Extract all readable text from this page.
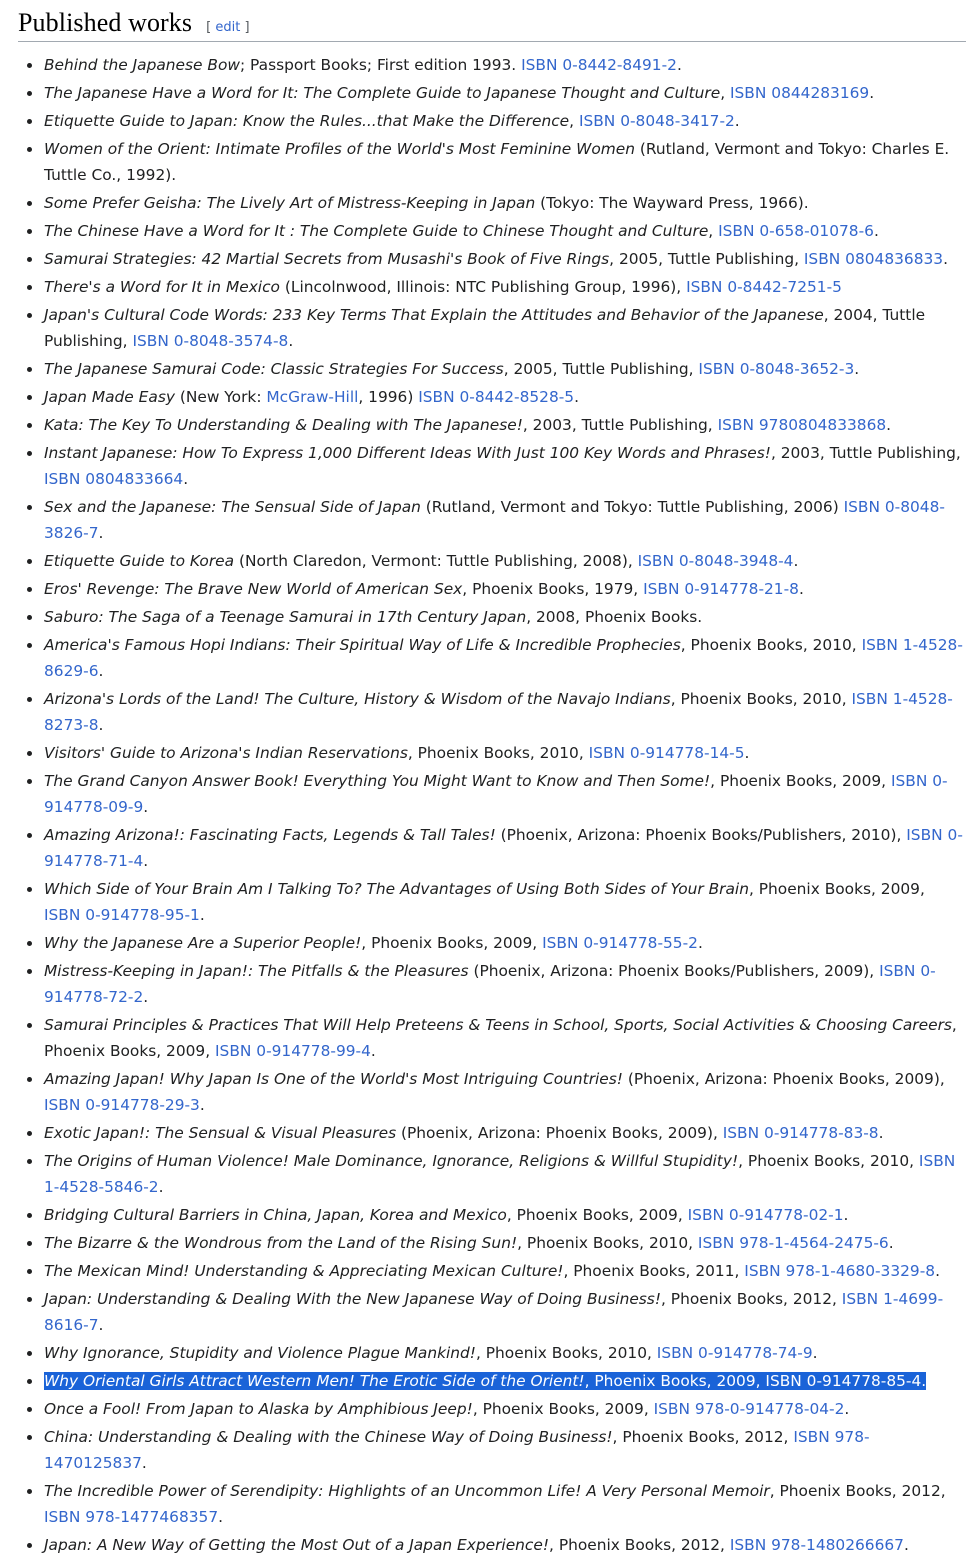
Published works [ edit ]
Behind the Japanese Bow; Passport Books; First edition 1993. ISBN 0-8442-8491-2.
The Japanese Have a Word for It: The Complete Guide to Japanese Thought and Culture, ISBN 0844283169.
Etiquette Guide to Japan: Know the Rules...that Make the Difference, ISBN 0-8048-3417-2.
Women of the Orient: Intimate Profiles of the World's Most Feminine Women (Rutland, Vermont and Tokyo: Charles E. Tuttle Co., 1992).
Some Prefer Geisha: The Lively Art of Mistress-Keeping in Japan (Tokyo: The Wayward Press, 1966).
The Chinese Have a Word for It : The Complete Guide to Chinese Thought and Culture, ISBN 0-658-01078-6.
Samurai Strategies: 42 Martial Secrets from Musashi's Book of Five Rings, 2005, Tuttle Publishing, ISBN 0804836833.
There's a Word for It in Mexico (Lincolnwood, Illinois: NTC Publishing Group, 1996), ISBN 0-8442-7251-5
Japan's Cultural Code Words: 233 Key Terms That Explain the Attitudes and Behavior of the Japanese, 2004, Tuttle Publishing, ISBN 0-8048-3574-8.
The Japanese Samurai Code: Classic Strategies For Success, 2005, Tuttle Publishing, ISBN 0-8048-3652-3.
Japan Made Easy (New York: McGraw-Hill, 1996) ISBN 0-8442-8528-5.
Kata: The Key To Understanding & Dealing with The Japanese!, 2003, Tuttle Publishing, ISBN 9780804833868.
Instant Japanese: How To Express 1,000 Different Ideas With Just 100 Key Words and Phrases!, 2003, Tuttle Publishing, ISBN 0804833664.
Sex and the Japanese: The Sensual Side of Japan (Rutland, Vermont and Tokyo: Tuttle Publishing, 2006) ISBN 0-8048-3826-7.
Etiquette Guide to Korea (North Claredon, Vermont: Tuttle Publishing, 2008), ISBN 0-8048-3948-4.
Eros' Revenge: The Brave New World of American Sex, Phoenix Books, 1979, ISBN 0-914778-21-8.
Saburo: The Saga of a Teenage Samurai in 17th Century Japan, 2008, Phoenix Books.
America's Famous Hopi Indians: Their Spiritual Way of Life & Incredible Prophecies, Phoenix Books, 2010, ISBN 1-4528-8629-6.
Arizona's Lords of the Land! The Culture, History & Wisdom of the Navajo Indians, Phoenix Books, 2010, ISBN 1-4528-8273-8.
Visitors' Guide to Arizona's Indian Reservations, Phoenix Books, 2010, ISBN 0-914778-14-5.
The Grand Canyon Answer Book! Everything You Might Want to Know and Then Some!, Phoenix Books, 2009, ISBN 0-914778-09-9.
Amazing Arizona!: Fascinating Facts, Legends & Tall Tales! (Phoenix, Arizona: Phoenix Books/Publishers, 2010), ISBN 0-914778-71-4.
Which Side of Your Brain Am I Talking To? The Advantages of Using Both Sides of Your Brain, Phoenix Books, 2009, ISBN 0-914778-95-1.
Why the Japanese Are a Superior People!, Phoenix Books, 2009, ISBN 0-914778-55-2.
Mistress-Keeping in Japan!: The Pitfalls & the Pleasures (Phoenix, Arizona: Phoenix Books/Publishers, 2009), ISBN 0-914778-72-2.
Samurai Principles & Practices That Will Help Preteens & Teens in School, Sports, Social Activities & Choosing Careers, Phoenix Books, 2009, ISBN 0-914778-99-4.
Amazing Japan! Why Japan Is One of the World's Most Intriguing Countries! (Phoenix, Arizona: Phoenix Books, 2009), ISBN 0-914778-29-3.
Exotic Japan!: The Sensual & Visual Pleasures (Phoenix, Arizona: Phoenix Books, 2009), ISBN 0-914778-83-8.
The Origins of Human Violence! Male Dominance, Ignorance, Religions & Willful Stupidity!, Phoenix Books, 2010, ISBN 1-4528-5846-2.
Bridging Cultural Barriers in China, Japan, Korea and Mexico, Phoenix Books, 2009, ISBN 0-914778-02-1.
The Bizarre & the Wondrous from the Land of the Rising Sun!, Phoenix Books, 2010, ISBN 978-1-4564-2475-6.
The Mexican Mind! Understanding & Appreciating Mexican Culture!, Phoenix Books, 2011, ISBN 978-1-4680-3329-8.
Japan: Understanding & Dealing With the New Japanese Way of Doing Business!, Phoenix Books, 2012, ISBN 1-4699-8616-7.
Why Ignorance, Stupidity and Violence Plague Mankind!, Phoenix Books, 2010, ISBN 0-914778-74-9.
Why Oriental Girls Attract Western Men! The Erotic Side of the Orient!, Phoenix Books, 2009, ISBN 0-914778-85-4.
Once a Fool! From Japan to Alaska by Amphibious Jeep!, Phoenix Books, 2009, ISBN 978-0-914778-04-2.
China: Understanding & Dealing with the Chinese Way of Doing Business!, Phoenix Books, 2012, ISBN 978-1470125837.
The Incredible Power of Serendipity: Highlights of an Uncommon Life! A Very Personal Memoir, Phoenix Books, 2012, ISBN 978-1477468357.
Japan: A New Way of Getting the Most Out of a Japan Experience!, Phoenix Books, 2012, ISBN 978-1480266667.
